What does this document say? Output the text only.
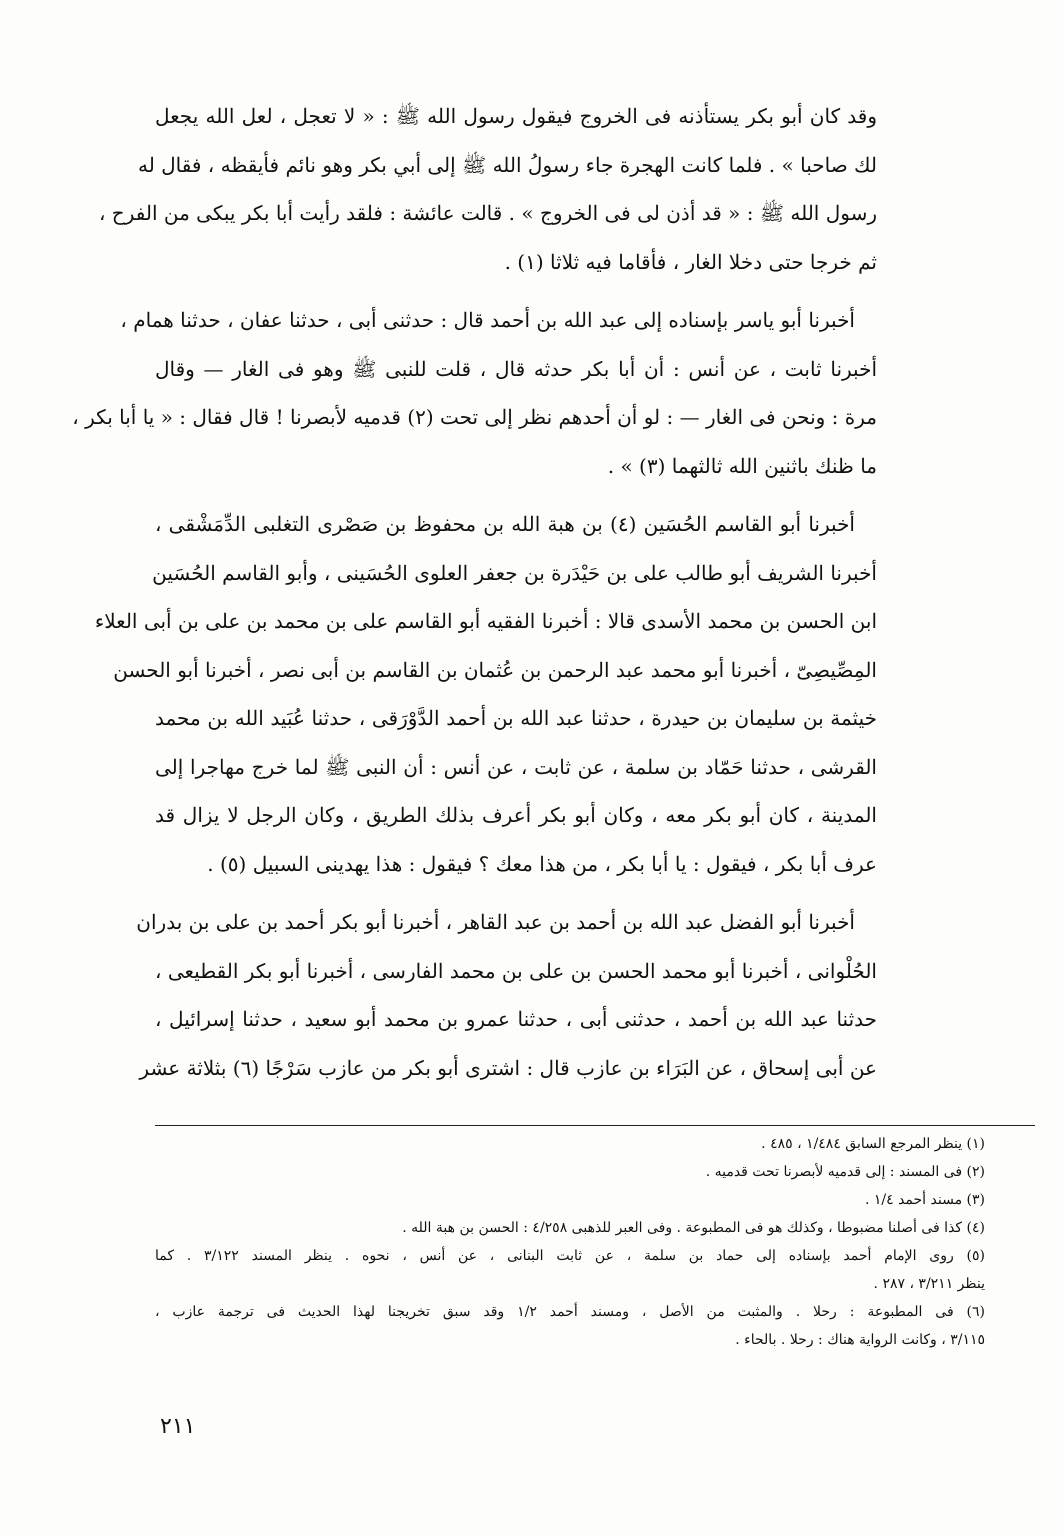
وقد كان أبو بكر يستأذنه فى الخروج فيقول رسول الله ﷺ : « لا تعجل ، لعل الله يجعل
لك صاحبا » . فلما كانت الهجرة جاء رسولُ الله ﷺ إلى أبي بكر وهو نائم فأيقظه ، فقال له
رسول الله ﷺ : « قد أذن لى فى الخروج » . قالت عائشة : فلقد رأيت أبا بكر يبكى من الفرح ،
ثم خرجا حتى دخلا الغار ، فأقاما فيه ثلاثا (١) .
أخبرنا أبو ياسر بإسناده إلى عبد الله بن أحمد قال : حدثنى أبى ، حدثنا عفان ، حدثنا همام ،
أخبرنا ثابت ، عن أنس : أن أبا بكر حدثه قال ، قلت للنبى ﷺ وهو فى الغار — وقال
مرة : ونحن فى الغار — : لو أن أحدهم نظر إلى تحت (٢) قدميه لأبصرنا ! قال فقال : « يا أبا بكر ،
ما ظنك باثنين الله ثالثهما (٣) » .
أخبرنا أبو القاسم الحُسَين (٤) بن هبة الله بن محفوظ بن صَصْرى التغلبى الدِّمَشْقى ،
أخبرنا الشريف أبو طالب على بن حَيْدَرة بن جعفر العلوى الحُسَينى ، وأبو القاسم الحُسَين
ابن الحسن بن محمد الأسدى قالا : أخبرنا الفقيه أبو القاسم على بن محمد بن على بن أبى العلاء
المِصِّيصِىّ ، أخبرنا أبو محمد عبد الرحمن بن عُثمان بن القاسم بن أبى نصر ، أخبرنا أبو الحسن
خيثمة بن سليمان بن حيدرة ، حدثنا عبد الله بن أحمد الدَّوْرَقى ، حدثنا عُبَيد الله بن محمد
القرشى ، حدثنا حَمّاد بن سلمة ، عن ثابت ، عن أنس : أن النبى ﷺ لما خرج مهاجرا إلى
المدينة ، كان أبو بكر معه ، وكان أبو بكر أعرف بذلك الطريق ، وكان الرجل لا يزال قد
عرف أبا بكر ، فيقول : يا أبا بكر ، من هذا معك ؟ فيقول : هذا يهدينى السبيل (٥) .
أخبرنا أبو الفضل عبد الله بن أحمد بن عبد القاهر ، أخبرنا أبو بكر أحمد بن على بن بدران
الحُلْوانى ، أخبرنا أبو محمد الحسن بن على بن محمد الفارسى ، أخبرنا أبو بكر القطيعى ،
حدثنا عبد الله بن أحمد ، حدثنى أبى ، حدثنا عمرو بن محمد أبو سعيد ، حدثنا إسرائيل ،
عن أبى إسحاق ، عن البَرَاء بن عازب قال : اشترى أبو بكر من عازب سَرْجًا (٦) بثلاثة عشر
(١) ينظر المرجع السابق ١/٤٨٤ ، ٤٨٥ .
(٢) فى المسند : إلى قدميه لأبصرنا تحت قدميه .
(٣) مسند أحمد ١/٤ .
(٤) كذا فى أصلنا مضبوطا ، وكذلك هو فى المطبوعة . وفى العبر للذهبى ٤/٢٥٨ : الحسن بن هبة الله .
(٥) روى الإمام أحمد بإسناده إلى حماد بن سلمة ، عن ثابت البنانى ، عن أنس ، نحوه . ينظر المسند ٣/١٢٢ . كما
ينظر ٣/٢١١ ، ٢٨٧ .
(٦) فى المطبوعة : رحلا . والمثبت من الأصل ، ومسند أحمد ١/٢ وقد سبق تخريجنا لهذا الحديث فى ترجمة عازب ،
٣/١١٥ ، وكانت الرواية هناك : رحلا . بالحاء .
٢١١
